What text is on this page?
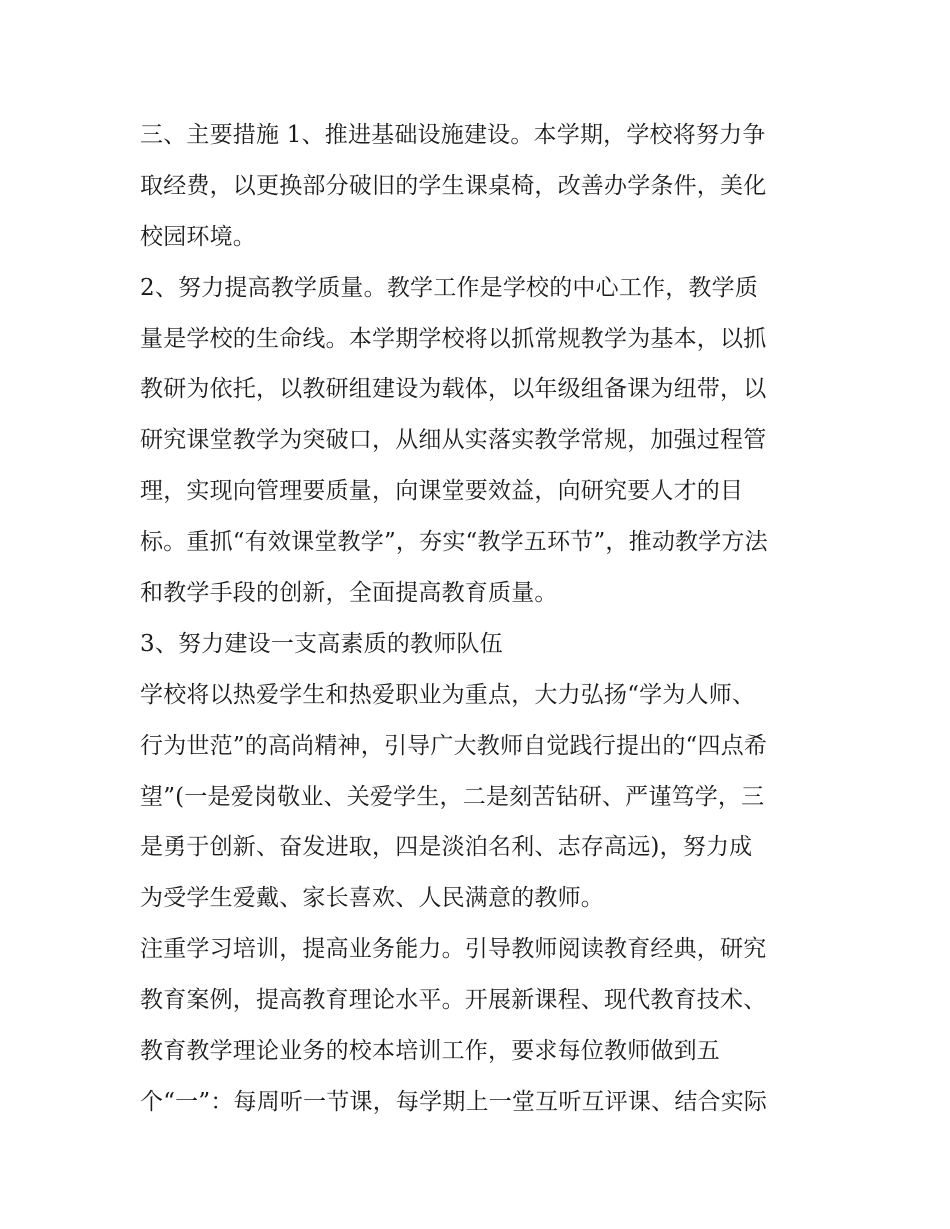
三、主要措施 1、推进基础设施建设。本学期，学校将努力争
取经费，以更换部分破旧的学生课桌椅，改善办学条件，美化
校园环境。
2、努力提高教学质量。教学工作是学校的中心工作，教学质
量是学校的生命线。本学期学校将以抓常规教学为基本，以抓
教研为依托，以教研组建设为载体，以年级组备课为纽带，以
研究课堂教学为突破口，从细从实落实教学常规，加强过程管
理，实现向管理要质量，向课堂要效益，向研究要人才的目
标。重抓“有效课堂教学”，夯实“教学五环节”，推动教学方法
和教学手段的创新，全面提高教育质量。
3、努力建设一支高素质的教师队伍
学校将以热爱学生和热爱职业为重点，大力弘扬“学为人师、
行为世范”的高尚精神，引导广大教师自觉践行提出的“四点希
望”(一是爱岗敬业、关爱学生，二是刻苦钻研、严谨笃学，三
是勇于创新、奋发进取，四是淡泊名利、志存高远)，努力成
为受学生爱戴、家长喜欢、人民满意的教师。
注重学习培训，提高业务能力。引导教师阅读教育经典，研究
教育案例，提高教育理论水平。开展新课程、现代教育技术、
教育教学理论业务的校本培训工作，要求每位教师做到五
个“一”：每周听一节课，每学期上一堂互听互评课、结合实际
